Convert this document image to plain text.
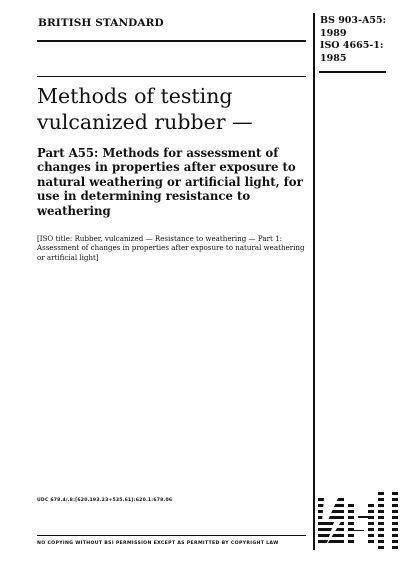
BRITISH STANDARD	BS 903-A55:
1989
ISO 4665-1:
1985
Methods of testing
vulcanized rubber —
Part A55: Methods for assessment of changes in properties after exposure to natural weathering or artificial light, for use in determining resistance to weathering
[ISO title: Rubber, vulcanized — Resistance to weathering — Part 1: Assessment of changes in properties after exposure to natural weathering or artificial light]
UDC 678.4/.8:[620.193.23+535.61]:620.1:678.06
NO COPYING WITHOUT BSI PERMISSION EXCEPT AS PERMITTED BY COPYRIGHT LAW
